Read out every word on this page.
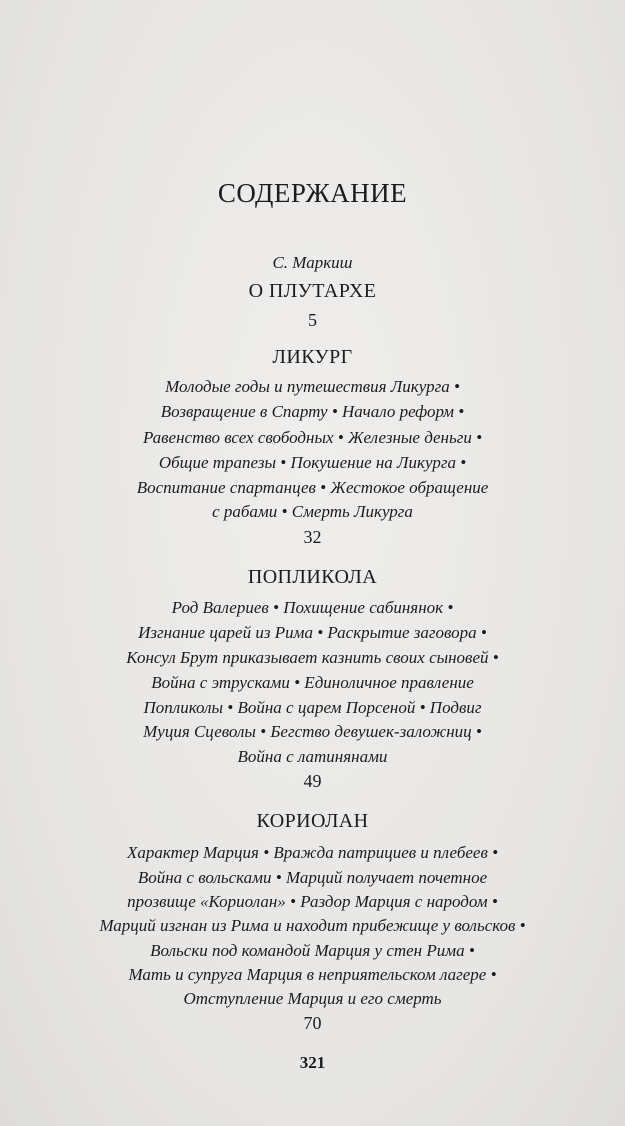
СОДЕРЖАНИЕ
С. Маркиш
О ПЛУТАРХЕ
5
ЛИКУРГ
Молодые годы и путешествия Ликурга •
Возвращение в Спарту • Начало реформ •
Равенство всех свободных • Железные деньги •
Общие трапезы • Покушение на Ликурга •
Воспитание спартанцев • Жестокое обращение
с рабами • Смерть Ликурга
32
ПОПЛИКОЛА
Род Валериев • Похищение сабинянок •
Изгнание царей из Рима • Раскрытие заговора •
Консул Брут приказывает казнить своих сыновей •
Война с этрусками • Единоличное правление
Попликолы • Война с царем Порсеной • Подвиг
Муция Сцеволы • Бегство девушек-заложниц •
Война с латинянами
49
КОРИОЛАН
Характер Марция • Вражда патрициев и плебеев •
Война с вольсками • Марций получает почетное
прозвище «Кориолан» • Раздор Марция с народом •
Марций изгнан из Рима и находит прибежище у вольсков •
Вольски под командой Марция у стен Рима •
Мать и супруга Марция в неприятельском лагере •
Отступление Марция и его смерть
70
321
